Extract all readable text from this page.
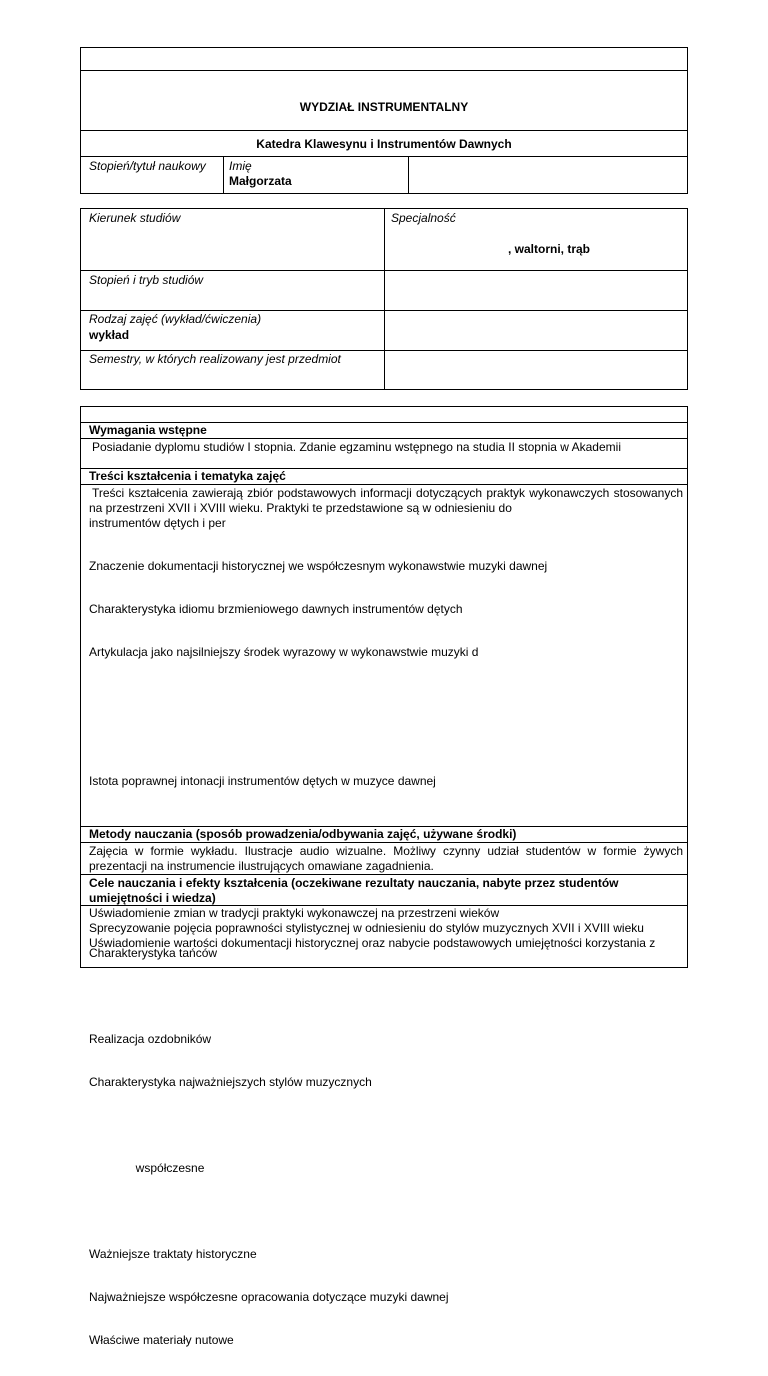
WYDZIAŁ INSTRUMENTALNY
Katedra Klawesynu i Instrumentów Dawnych
Stopień/tytuł naukowy Imię
Małgorzata
Kierunek studiów	Specjalność
, waltorni, trąb
Stopień i tryb studiów
Rodzaj zajęć (wykład/ćwiczenia)
wykład
Semestry, w których realizowany jest przedmiot
Wymagania wstępne
Posiadanie dyplomu studiów I stopnia. Zdanie egzaminu wstępnego na studia II stopnia w Akademii
Treści kształcenia i tematyka zajęć
Treści kształcenia zawierają zbiór podstawowych informacji dotyczących praktyk wykonawczych stosowanych na przestrzeni XVII i XVIII wieku. Praktyki te przedstawione są w odniesieniu do
instrumentów dętych i per

Znaczenie dokumentacji historycznej we współczesnym wykonawstwie muzyki dawnej

Charakterystyka idiomu brzmieniowego dawnych instrumentów dętych

Artykulacja jako najsilniejszy środek wyrazowy w wykonawstwie muzyki d

Istota poprawnej intonacji instrumentów dętych w muzyce dawnej

Charakterystyka tańców

Realizacja ozdobników

Charakterystyka najważniejszych stylów muzycznych

współczesne

Ważniejsze traktaty historyczne

Najważniejsze współczesne opracowania dotyczące muzyki dawnej

Właściwe materiały nutowe

Metody nauczania (sposób prowadzenia/odbywania zajęć, używane środki)
Zajęcia w formie wykładu. Ilustracje audio wizualne. Możliwy czynny udział studentów w formie żywych prezentacji na instrumencie ilustrujących omawiane zagadnienia.
Cele nauczania i efekty kształcenia (oczekiwane rezultaty nauczania, nabyte przez studentów umiejętności i wiedza)
Uświadomienie zmian w tradycji praktyki wykonawczej na przestrzeni wieków
Sprecyzowanie pojęcia poprawności stylistycznej w odniesieniu do stylów muzycznych XVII i XVIII wieku
Uświadomienie wartości dokumentacji historycznej oraz nabycie podstawowych umiejętności korzystania z
